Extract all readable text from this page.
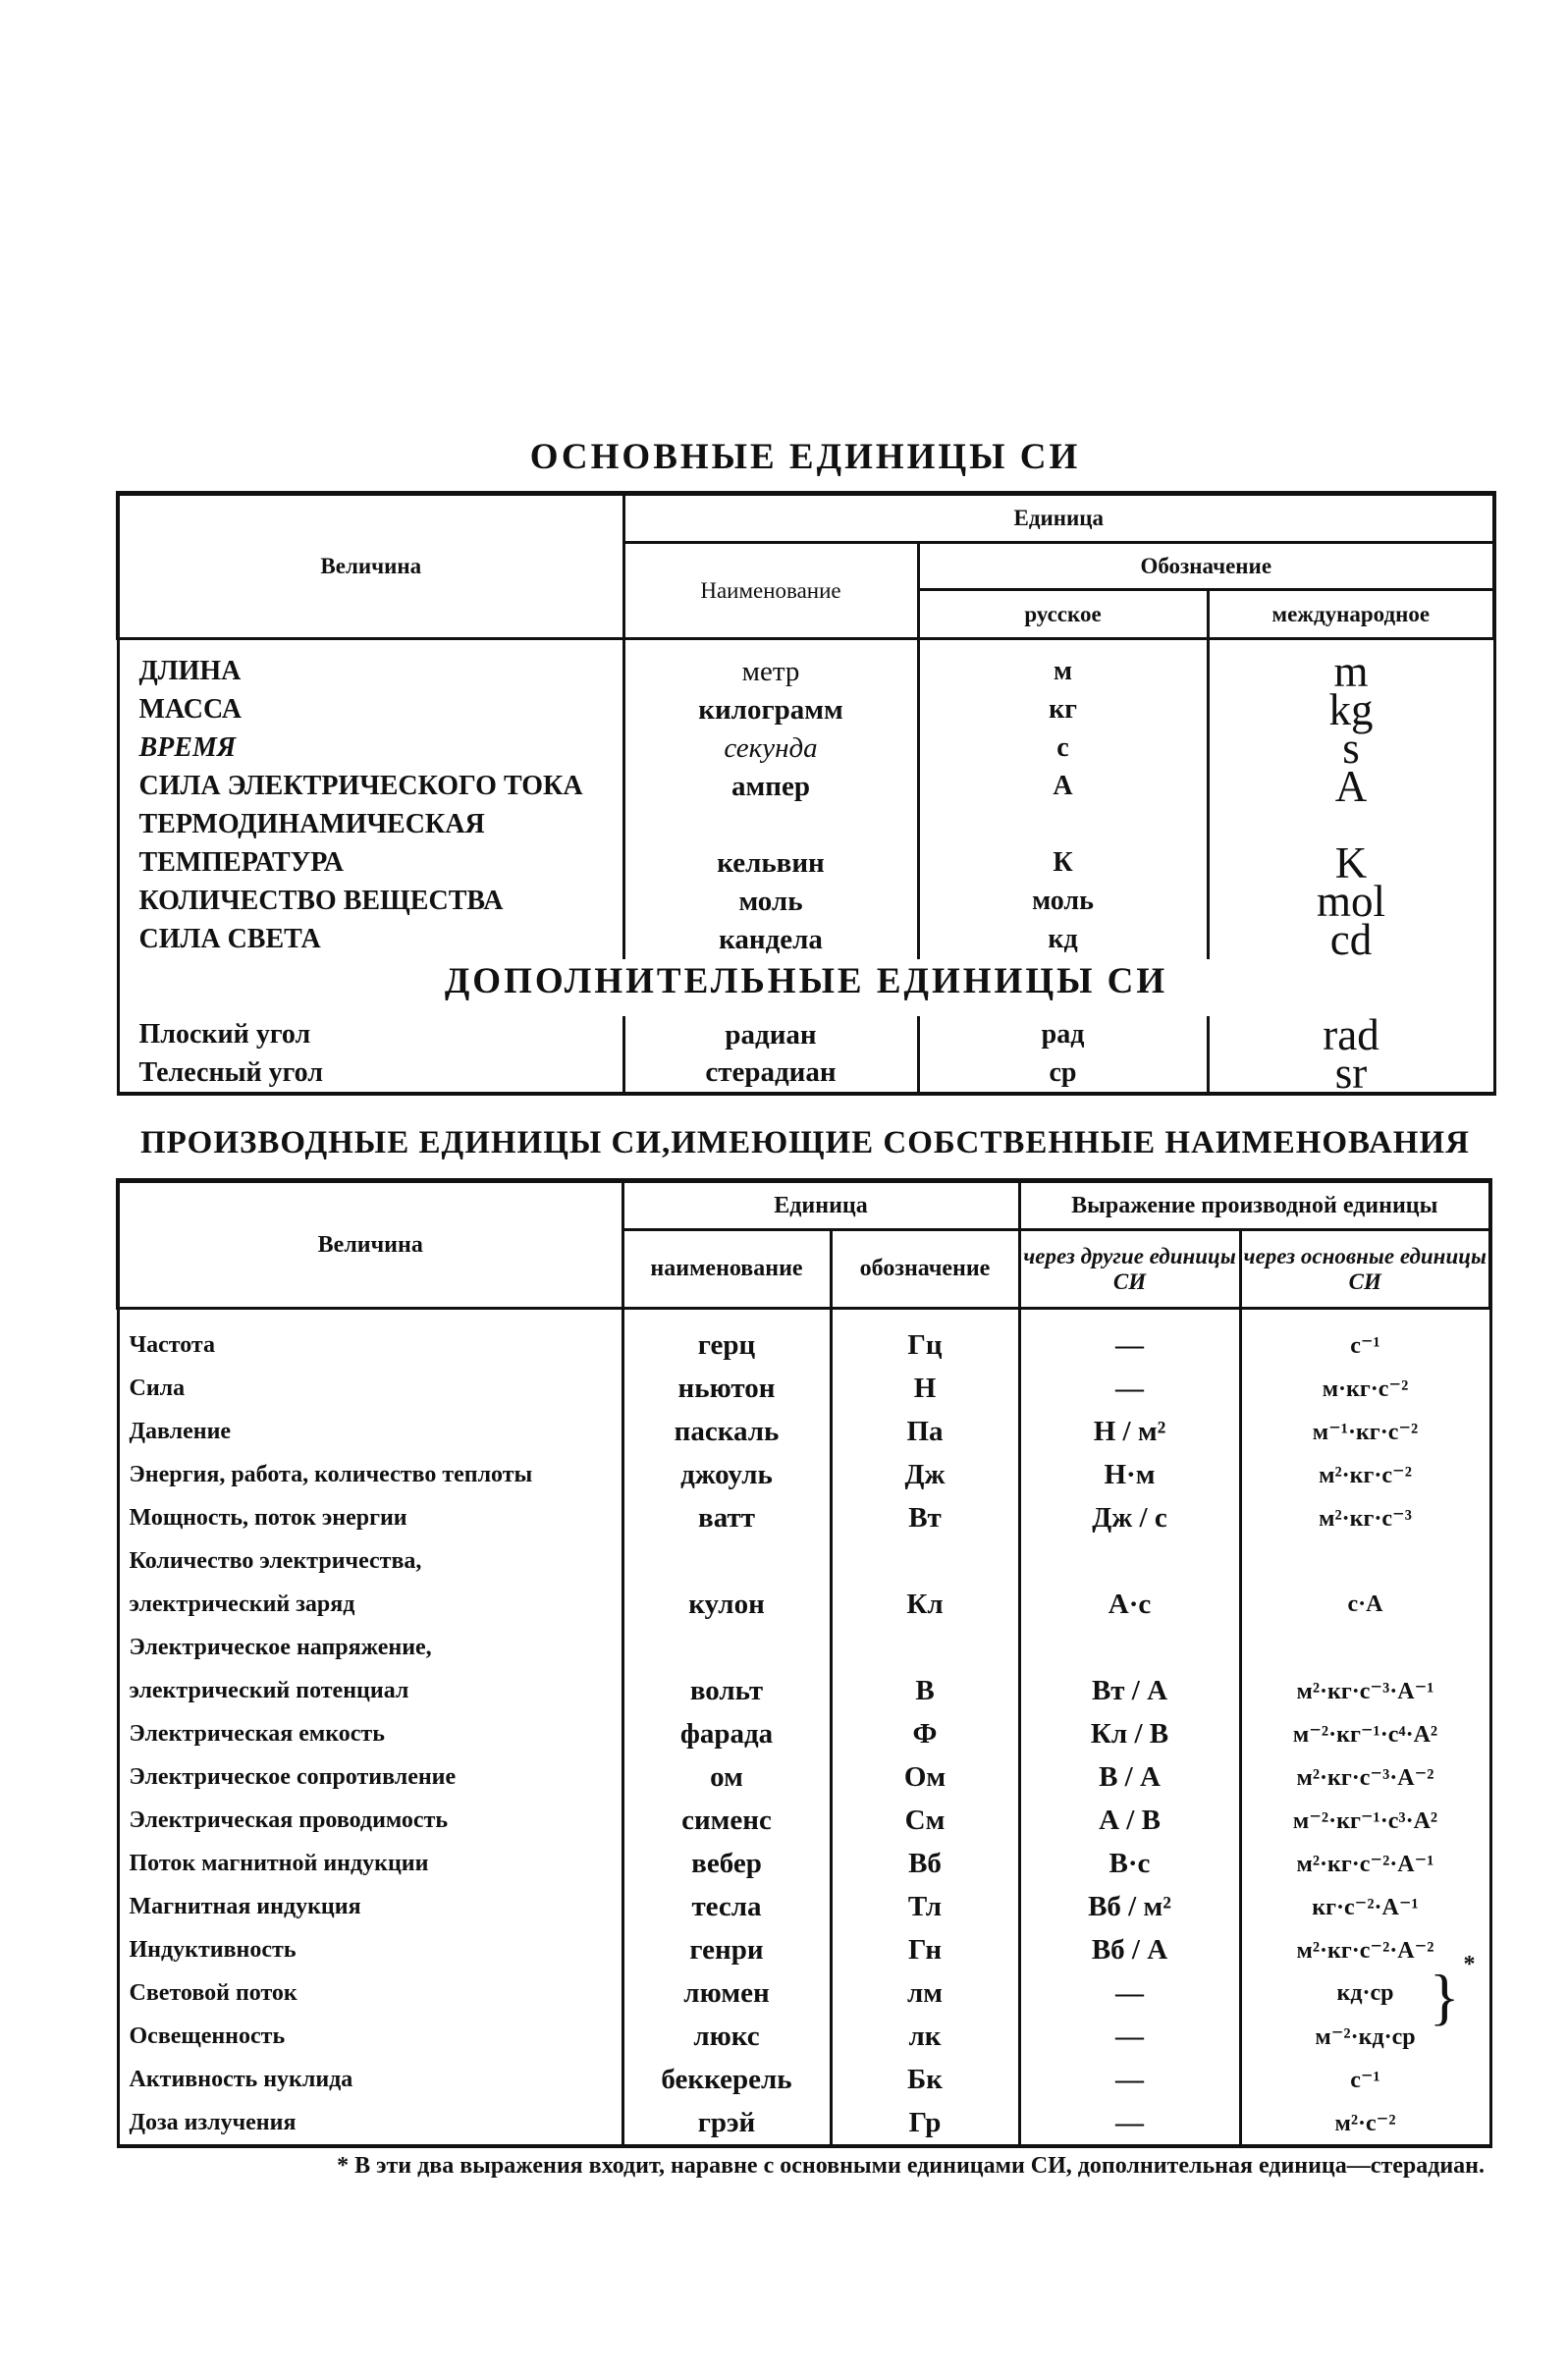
ОСНОВНЫЕ ЕДИНИЦЫ СИ
Величина	Единица		
	Наименование	Обозначение	
		русское	международное

ДЛИНА	метр	м	m
МАССА	килограмм	кг	kg
ВРЕМЯ	секунда	с	s
СИЛА ЭЛЕКТРИЧЕСКОГО ТОКА	ампер	А	A
ТЕРМОДИНАМИЧЕСКАЯ			
ТЕМПЕРАТУРА	кельвин	К	K
КОЛИЧЕСТВО ВЕЩЕСТВА	моль	моль	mol
СИЛА СВЕТА	кандела	кд	cd

ДОПОЛНИТЕЛЬНЫЕ ЕДИНИЦЫ СИ			

Плоский угол	радиан	рад	rad
Телесный угол	стерадиан	ср	sr
ПРОИЗВОДНЫЕ ЕДИНИЦЫ СИ,ИМЕЮЩИЕ СОБСТВЕННЫЕ НАИМЕНОВАНИЯ
Величина	Единица		Выражение производной единицы	
	наименование	обозначение	через другие единицы СИ	через основные единицы СИ
Частота	герц	Гц	—	с⁻¹
Сила	ньютон	Н	—	м·кг·с⁻²
Давление	паскаль	Па	Н / м²	м⁻¹·кг·с⁻²
Энергия, работа, количество теплоты	джоуль	Дж	Н·м	м²·кг·с⁻²
Мощность, поток энергии	ватт	Вт	Дж / с	м²·кг·с⁻³
Количество электричества,				
электрический заряд	кулон	Кл	А·с	с·А
Электрическое напряжение,				
электрический потенциал	вольт	В	Вт / А	м²·кг·с⁻³·А⁻¹
Электрическая емкость	фарада	Ф	Кл / В	м⁻²·кг⁻¹·с⁴·А²
Электрическое сопротивление	ом	Ом	В / А	м²·кг·с⁻³·А⁻²
Электрическая проводимость	сименс	См	А / В	м⁻²·кг⁻¹·с³·А²
Поток магнитной индукции	вебер	Вб	В·с	м²·кг·с⁻²·А⁻¹
Магнитная индукция	тесла	Тл	Вб / м²	кг·с⁻²·А⁻¹
Индуктивность	генри	Гн	Вб / А	м²·кг·с⁻²·А⁻²
Световой поток	люмен	лм	—	кд·ср } *

Освещенность	люкс	лк	—	м⁻²·кд·ср
Активность нуклида	беккерель	Бк	—	с⁻¹
Доза излучения	грэй	Гр	—	м²·с⁻²

* В эти два выражения входит, наравне с основными единицами СИ, дополнительная единица—стерадиан.
